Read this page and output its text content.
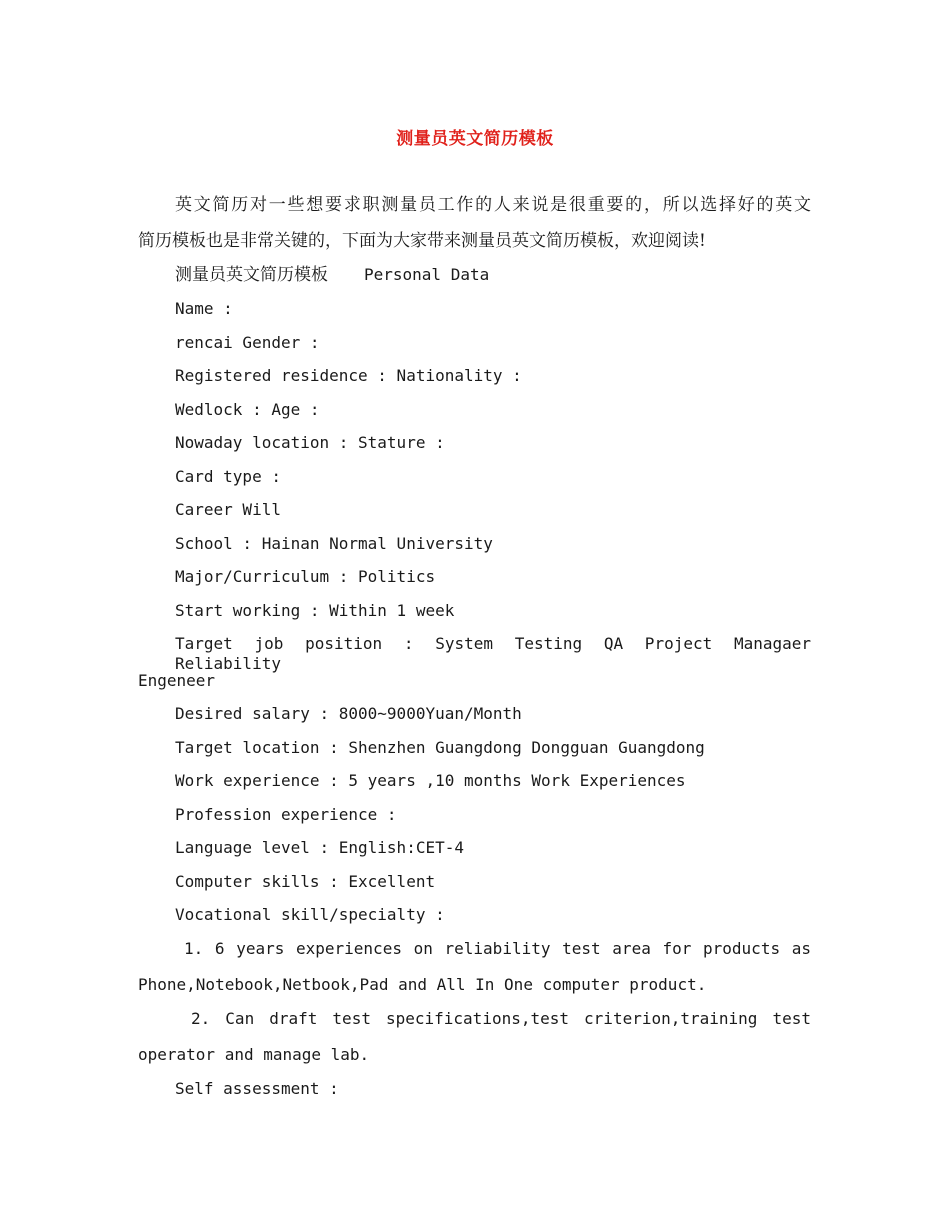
测量员英文简历模板
英文简历对一些想要求职测量员工作的人来说是很重要的，所以选择好的英文
简历模板也是非常关键的，下面为大家带来测量员英文简历模板，欢迎阅读!
测量员英文简历模板 Personal Data
Name :
rencai Gender :
Registered residence : Nationality :
Wedlock : Age :
Nowaday location : Stature :
Card type :
Career Will
School : Hainan Normal University
Major/Curriculum : Politics
Start working : Within 1 week
Target job position : System Testing QA Project Managaer Reliability
Engeneer
Desired salary : 8000~9000Yuan/Month
Target location : Shenzhen Guangdong Dongguan Guangdong
Work experience : 5 years ,10 months Work Experiences
Profession experience :
Language level : English:CET-4
Computer skills : Excellent
Vocational skill/specialty :
1. 6 years experiences on reliability test area for products as
Phone,Notebook,Netbook,Pad and All In One computer product.
2. Can draft test specifications,test criterion,training test
operator and manage lab.
Self assessment :
